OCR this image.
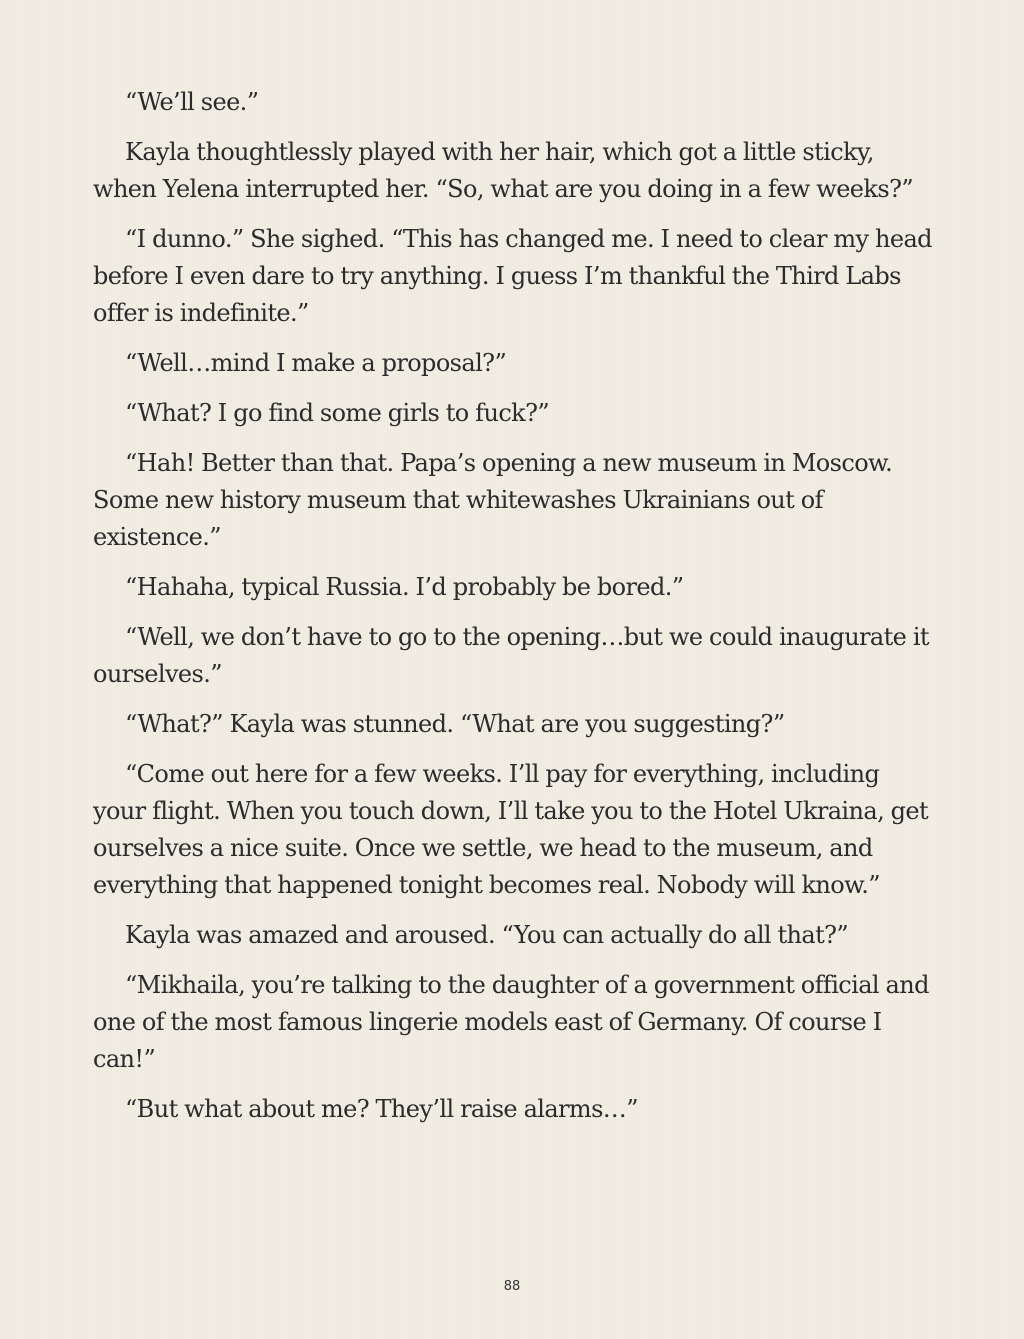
“We’ll see.”

Kayla thoughtlessly played with her hair, which got a little sticky, when Yelena interrupted her. “So, what are you doing in a few weeks?”

“I dunno.” She sighed. “This has changed me. I need to clear my head before I even dare to try anything. I guess I’m thankful the Third Labs offer is indefinite.”

“Well…mind I make a proposal?”

“What? I go find some girls to fuck?”

“Hah! Better than that. Papa’s opening a new museum in Moscow. Some new history museum that whitewashes Ukrainians out of existence.”

“Hahaha, typical Russia. I’d probably be bored.”

“Well, we don’t have to go to the opening…but we could inaugurate it ourselves.”

“What?” Kayla was stunned. “What are you suggesting?”

“Come out here for a few weeks. I’ll pay for everything, including your flight. When you touch down, I’ll take you to the Hotel Ukraina, get ourselves a nice suite. Once we settle, we head to the museum, and everything that happened tonight becomes real. Nobody will know.”

Kayla was amazed and aroused. “You can actually do all that?”

“Mikhaila, you’re talking to the daughter of a government official and one of the most famous lingerie models east of Germany. Of course I can!”

“But what about me? They’ll raise alarms…”

88
